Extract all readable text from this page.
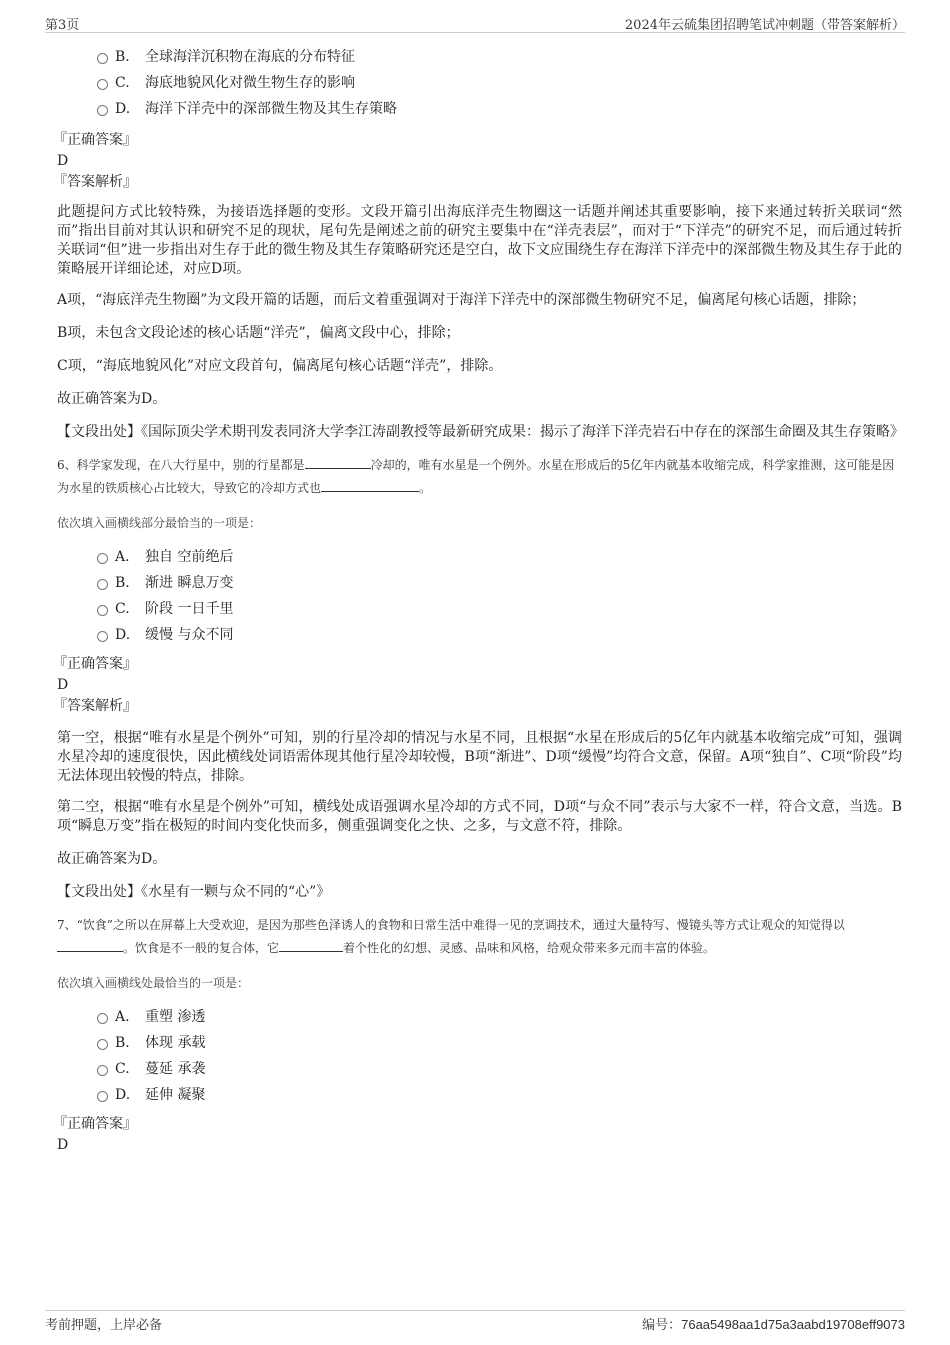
第3页	2024年云硫集团招聘笔试冲刺题（带答案解析）
B. 全球海洋沉积物在海底的分布特征
C. 海底地貌风化对微生物生存的影响
D. 海洋下洋壳中的深部微生物及其生存策略
『正确答案』
D
『答案解析』

此题提问方式比较特殊，为接语选择题的变形。文段开篇引出海底洋壳生物圈这一话题并阐述其重要影响，接下来通过转折关联词“然而”指出目前对其认识和研究不足的现状，尾句先是阐述之前的研究主要集中在“洋壳表层”，而对于“下洋壳”的研究不足，而后通过转折关联词“但”进一步指出对生存于此的微生物及其生存策略研究还是空白，故下文应围绕生存在海洋下洋壳中的深部微生物及其生存于此的策略展开详细论述，对应D项。

A项，“海底洋壳生物圈”为文段开篇的话题，而后文着重强调对于海洋下洋壳中的深部微生物研究不足，偏离尾句核心话题，排除；

B项，未包含文段论述的核心话题“洋壳”，偏离文段中心，排除；

C项，“海底地貌风化”对应文段首句，偏离尾句核心话题“洋壳”，排除。

故正确答案为D。

【文段出处】《国际顶尖学术期刊发表同济大学李江涛副教授等最新研究成果：揭示了海洋下洋壳岩石中存在的深部生命圈及其生存策略》

6、科学家发现，在八大行星中，别的行星都是	冷却的，唯有水星是一个例外。水星在形成后的5亿年内就基本收缩完成，科学家推测，这可能是因为水星的铁质核心占比较大，导致它的冷却方式也	。

依次填入画横线部分最恰当的一项是：

A. 独自 空前绝后
B. 渐进 瞬息万变
C. 阶段 一日千里
D. 缓慢 与众不同
『正确答案』
D
『答案解析』

第一空，根据“唯有水星是个例外”可知，别的行星冷却的情况与水星不同，且根据“水星在形成后的5亿年内就基本收缩完成”可知，强调水星冷却的速度很快，因此横线处词语需体现其他行星冷却较慢，B项“渐进”、D项“缓慢”均符合文意，保留。A项“独自”、C项“阶段”均无法体现出较慢的特点，排除。

第二空，根据“唯有水星是个例外”可知，横线处成语强调水星冷却的方式不同，D项“与众不同”表示与大家不一样，符合文意，当选。B项“瞬息万变”指在极短的时间内变化快而多，侧重强调变化之快、之多，与文意不符，排除。

故正确答案为D。

【文段出处】《水星有一颗与众不同的“心”》

7、“饮食”之所以在屏幕上大受欢迎，是因为那些色泽诱人的食物和日常生活中难得一见的烹调技术，通过大量特写、慢镜头等方式让观众的知觉得以。饮食是不一般的复合体，它	着个性化的幻想、灵感、品味和风格，给观众带来多元而丰富的体验。

依次填入画横线处最恰当的一项是：

A. 重塑 渗透
B. 体现 承载
C. 蔓延 承袭
D. 延伸 凝聚
『正确答案』
D
考前押题，上岸必备	编号：76aa5498aa1d75a3aabd19708eff9073
